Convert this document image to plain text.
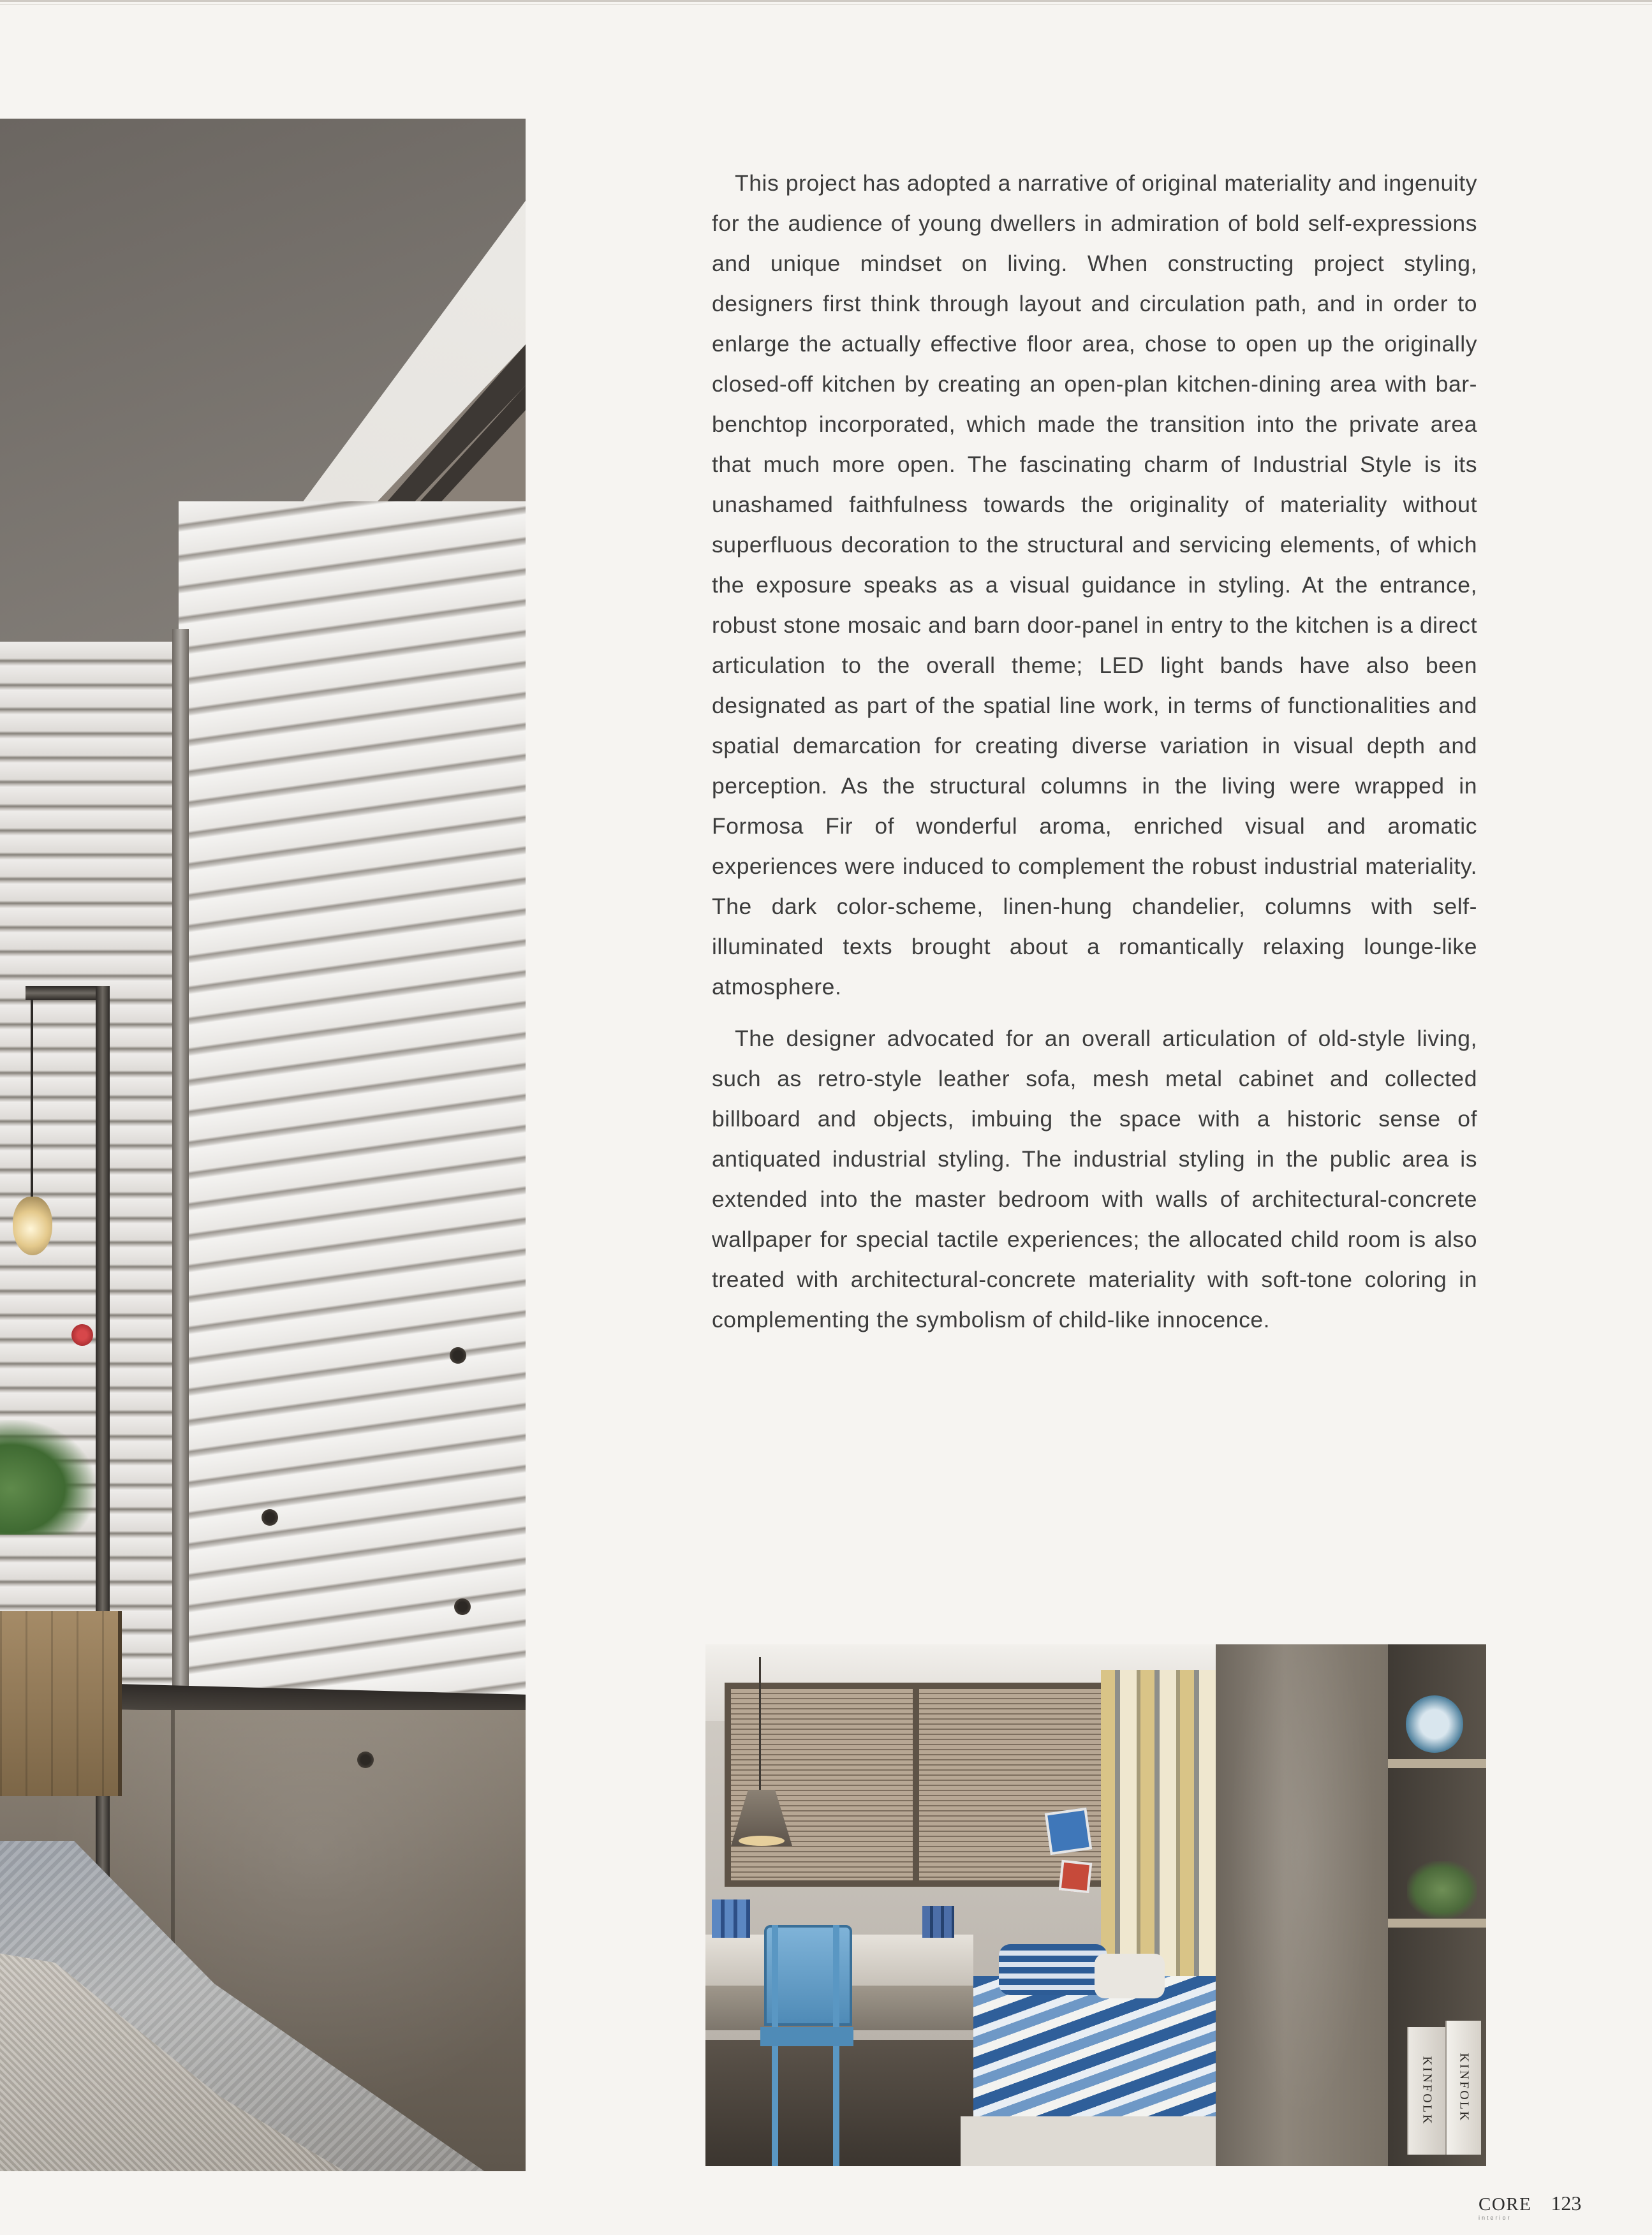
This project has adopted a narrative of original materiality and ingenuity for the audience of young dwellers in admiration of bold self-expressions and unique mindset on living. When constructing project styling, designers first think through layout and circulation path, and in order to enlarge the actually effective floor area, chose to open up the originally closed-off kitchen by creating an open-plan kitchen-dining area with bar-benchtop incorporated, which made the transition into the private area that much more open. The fascinating charm of Industrial Style is its unashamed faithfulness towards the originality of materiality without superfluous decoration to the structural and servicing elements, of which the exposure speaks as a visual guidance in styling. At the entrance, robust stone mosaic and barn door-panel in entry to the kitchen is a direct articulation to the overall theme; LED light bands have also been designated as part of the spatial line work, in terms of functionalities and spatial demarcation for creating diverse variation in visual depth and perception. As the structural columns in the living were wrapped in Formosa Fir of wonderful aroma, enriched visual and aromatic experiences were induced to complement the robust industrial materiality. The dark color-scheme, linen-hung chandelier, columns with self-illuminated texts brought about a romantically relaxing lounge-like atmosphere.

The designer advocated for an overall articulation of old-style living, such as retro-style leather sofa, mesh metal cabinet and collected billboard and objects, imbuing the space with a historic sense of antiquated industrial styling. The industrial styling in the public area is extended into the master bedroom with walls of architectural-concrete wallpaper for special tactile experiences; the allocated child room is also treated with architectural-concrete materiality with soft-tone coloring in complementing the symbolism of child-like innocence.

KINFOLK KINFOLK
CORE
interior
123
